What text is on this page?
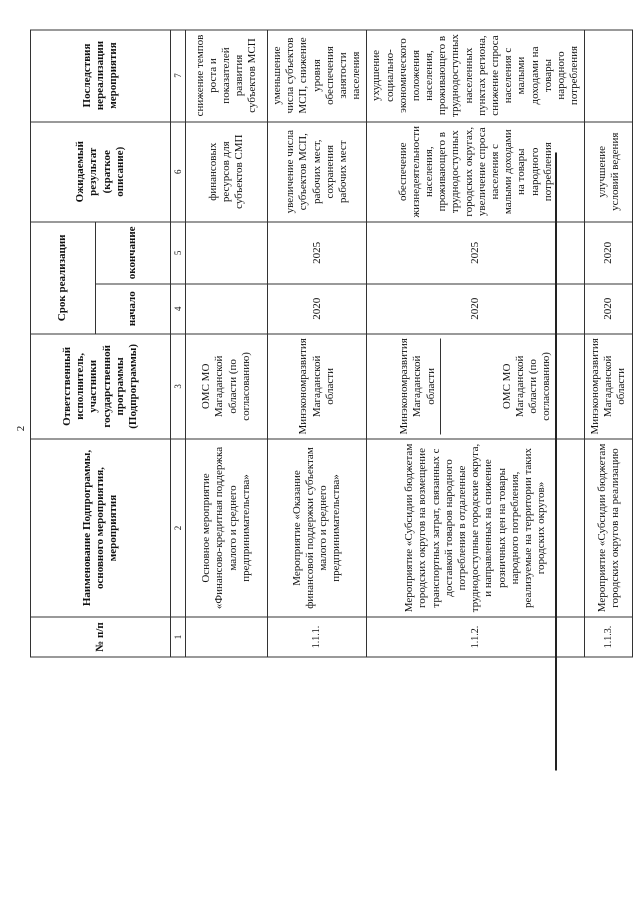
2
№ п/п	Наименование Подпрограммы, основного мероприятия, мероприятия	Ответственный исполнитель, участники государственной программы (Подпрограммы)	Срок реализации		Ожидаемый результат (краткое описание)	Последствия нереализации мероприятия
			начало	окончание		
1	2	3	4	5	6	7
	Основное мероприятие «Финансово-кредитная поддержка малого и среднего предпринимательства»	ОМС МО Магаданской области (по согласованию)			финансовых ресурсов для субъектов СМП	снижение темпов роста и показателей развития субъектов МСП
1.1.1.	Мероприятие «Оказание финансовой поддержки субъектам малого и среднего предпринимательства»	Минэкономразвития Магаданской области	2020	2025	увеличение числа субъектов МСП, рабочих мест, сохранения рабочих мест	уменьшение числа субъектов МСП, снижение уровня обеспечения занятости населения
1.1.2.	Мероприятие «Субсидии бюджетам городских округов на возмещение транспортных затрат, связанных с доставкой товаров народного потребления в отдаленные труднодоступные городские округа, и направленных на снижение розничных цен на товары народного потребления, реализуемые на территории таких городских округов»	Минэкономразвития Магаданской области ОМС МО Магаданской области (по согласованию)	2020	2025	обеспечение жизнедеятельности населения, проживающего в труднодоступных городских округах, увеличение спроса населения с малыми доходами на товары народного потребления	ухудшение социально-экономического положения населения, проживающего в труднодоступных населенных пунктах региона, снижение спроса населения с малыми доходами на товары народного потребления
1.1.3.	Мероприятие «Субсидии бюджетам городских округов на реализацию	Минэкономразвития Магаданской области	2020	2020	улучшение условий ведения	
